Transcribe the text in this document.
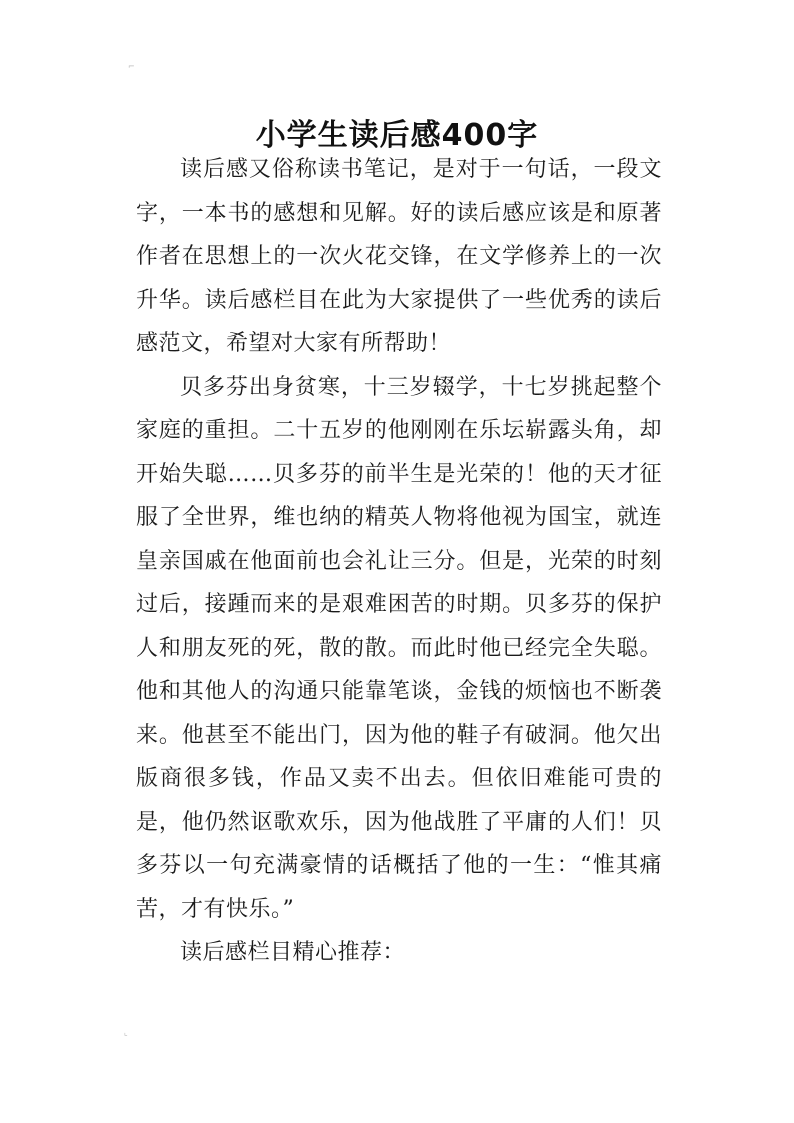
⌐
小学生读后感400字

读后感又俗称读书笔记，是对于一句话，一段文字，一本书的感想和见解。好的读后感应该是和原著作者在思想上的一次火花交锋，在文学修养上的一次升华。读后感栏目在此为大家提供了一些优秀的读后感范文，希望对大家有所帮助！

贝多芬出身贫寒，十三岁辍学，十七岁挑起整个家庭的重担。二十五岁的他刚刚在乐坛崭露头角，却开始失聪……贝多芬的前半生是光荣的！他的天才征服了全世界，维也纳的精英人物将他视为国宝，就连皇亲国戚在他面前也会礼让三分。但是，光荣的时刻过后，接踵而来的是艰难困苦的时期。贝多芬的保护人和朋友死的死，散的散。而此时他已经完全失聪。他和其他人的沟通只能靠笔谈，金钱的烦恼也不断袭来。他甚至不能出门，因为他的鞋子有破洞。他欠出版商很多钱，作品又卖不出去。但依旧难能可贵的是，他仍然讴歌欢乐，因为他战胜了平庸的人们！贝多芬以一句充满豪情的话概括了他的一生：“惟其痛苦，才有快乐。”

读后感栏目精心推荐：

⌞
